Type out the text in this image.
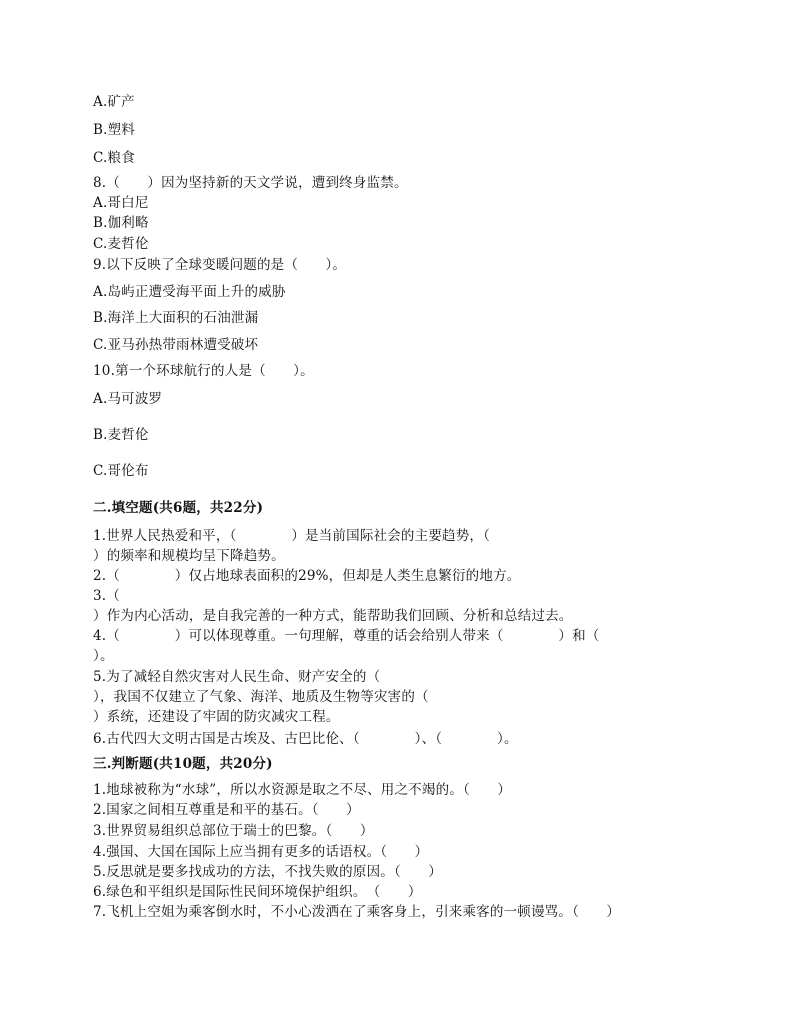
A.矿产
B.塑料
C.粮食
8.（　　）因为坚持新的天文学说，遭到终身监禁。
A.哥白尼
B.伽利略
C.麦哲伦
9.以下反映了全球变暖问题的是（　　）。
A.岛屿正遭受海平面上升的威胁
B.海洋上大面积的石油泄漏
C.亚马孙热带雨林遭受破坏
10.第一个环球航行的人是（　　）。
A.马可波罗
B.麦哲伦
C.哥伦布
二.填空题(共6题，共22分)
1.世界人民热爱和平，（　　　　）是当前国际社会的主要趋势，（
）的频率和规模均呈下降趋势。
2.（　　　　）仅占地球表面积的29%，但却是人类生息繁衍的地方。
3.（
）作为内心活动，是自我完善的一种方式，能帮助我们回顾、分析和总结过去。
4.（　　　　）可以体现尊重。一句理解，尊重的话会给别人带来（　　　　）和（
）。
5.为了减轻自然灾害对人民生命、财产安全的（
），我国不仅建立了气象、海洋、地质及生物等灾害的（
）系统，还建设了牢固的防灾减灾工程。
6.古代四大文明古国是古埃及、古巴比伦、（　　　　）、（　　　　）。
三.判断题(共10题，共20分)
1.地球被称为“水球”，所以水资源是取之不尽、用之不竭的。（　　）
2.国家之间相互尊重是和平的基石。（　　）
3.世界贸易组织总部位于瑞士的巴黎。（　　）
4.强国、大国在国际上应当拥有更多的话语权。（　　）
5.反思就是要多找成功的方法，不找失败的原因。（　　）
6.绿色和平组织是国际性民间环境保护组织。　（　　）
7.飞机上空姐为乘客倒水时，不小心泼洒在了乘客身上，引来乘客的一顿谩骂。（　　）
